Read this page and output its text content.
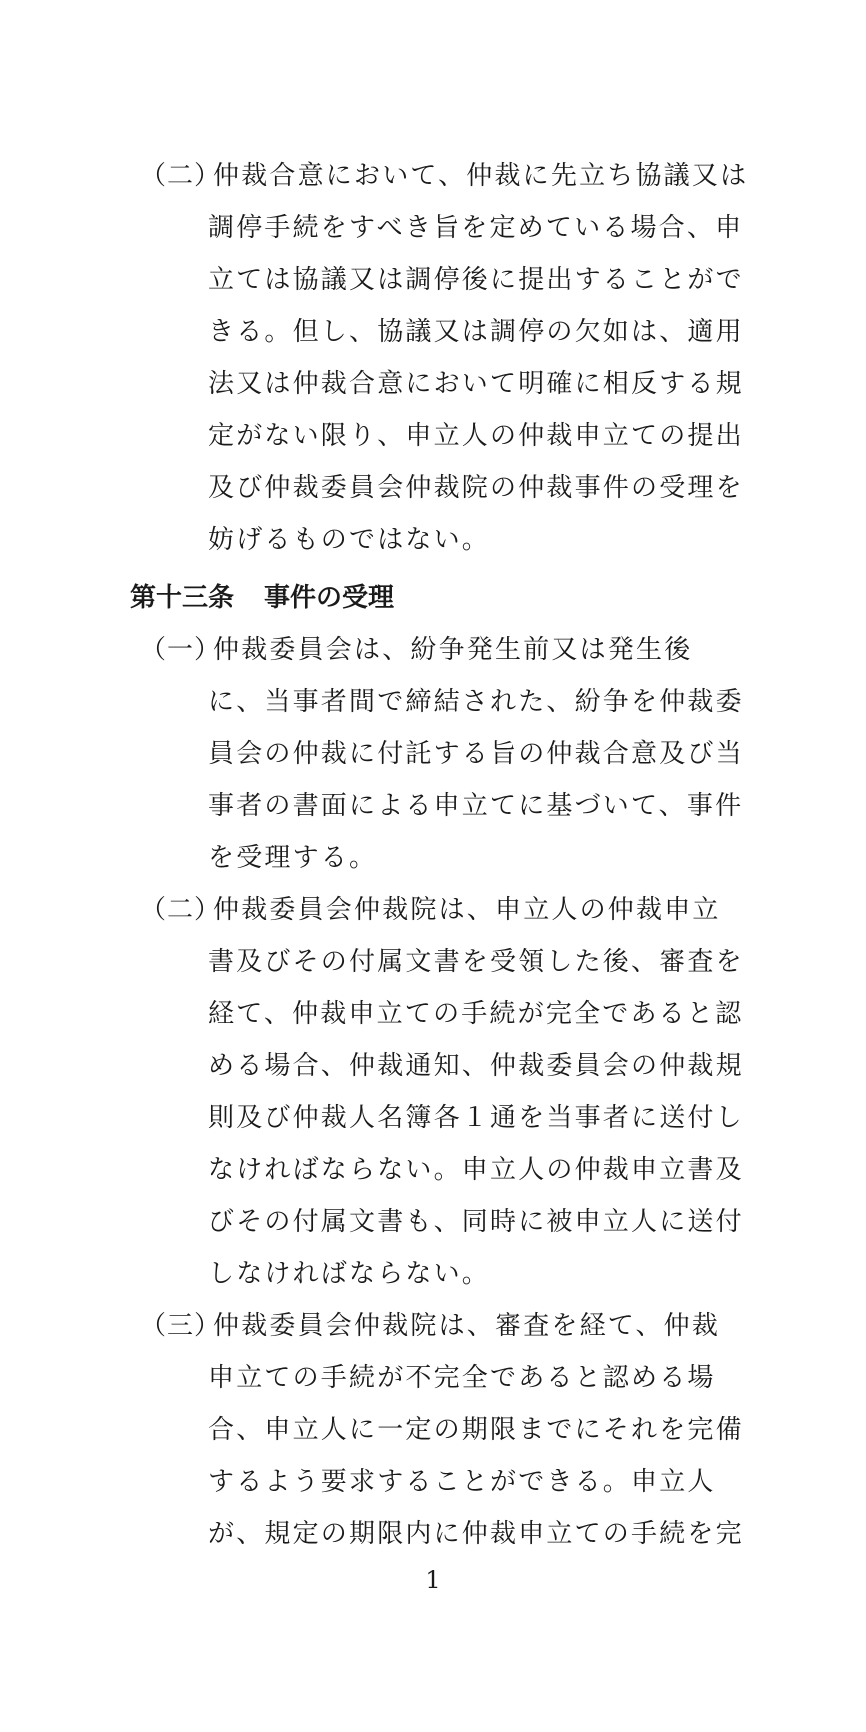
（二）
仲裁合意において、仲裁に先立ち協議又は
調停手続をすべき旨を定めている場合、申
立ては協議又は調停後に提出することがで
きる。但し、協議又は調停の欠如は、適用
法又は仲裁合意において明確に相反する規
定がない限り、申立人の仲裁申立ての提出
及び仲裁委員会仲裁院の仲裁事件の受理を
妨げるものではない。
第十三条 事件の受理
（一）
仲裁委員会は、紛争発生前又は発生後
に、当事者間で締結された、紛争を仲裁委
員会の仲裁に付託する旨の仲裁合意及び当
事者の書面による申立てに基づいて、事件
を受理する。
（二）
仲裁委員会仲裁院は、申立人の仲裁申立
書及びその付属文書を受領した後、審査を
経て、仲裁申立ての手続が完全であると認
める場合、仲裁通知、仲裁委員会の仲裁規
則及び仲裁人名簿各１通を当事者に送付し
なければならない。申立人の仲裁申立書及
びその付属文書も、同時に被申立人に送付
しなければならない。
（三）
仲裁委員会仲裁院は、審査を経て、仲裁
申立ての手続が不完全であると認める場
合、申立人に一定の期限までにそれを完備
するよう要求することができる。申立人
が、規定の期限内に仲裁申立ての手続を完
1
